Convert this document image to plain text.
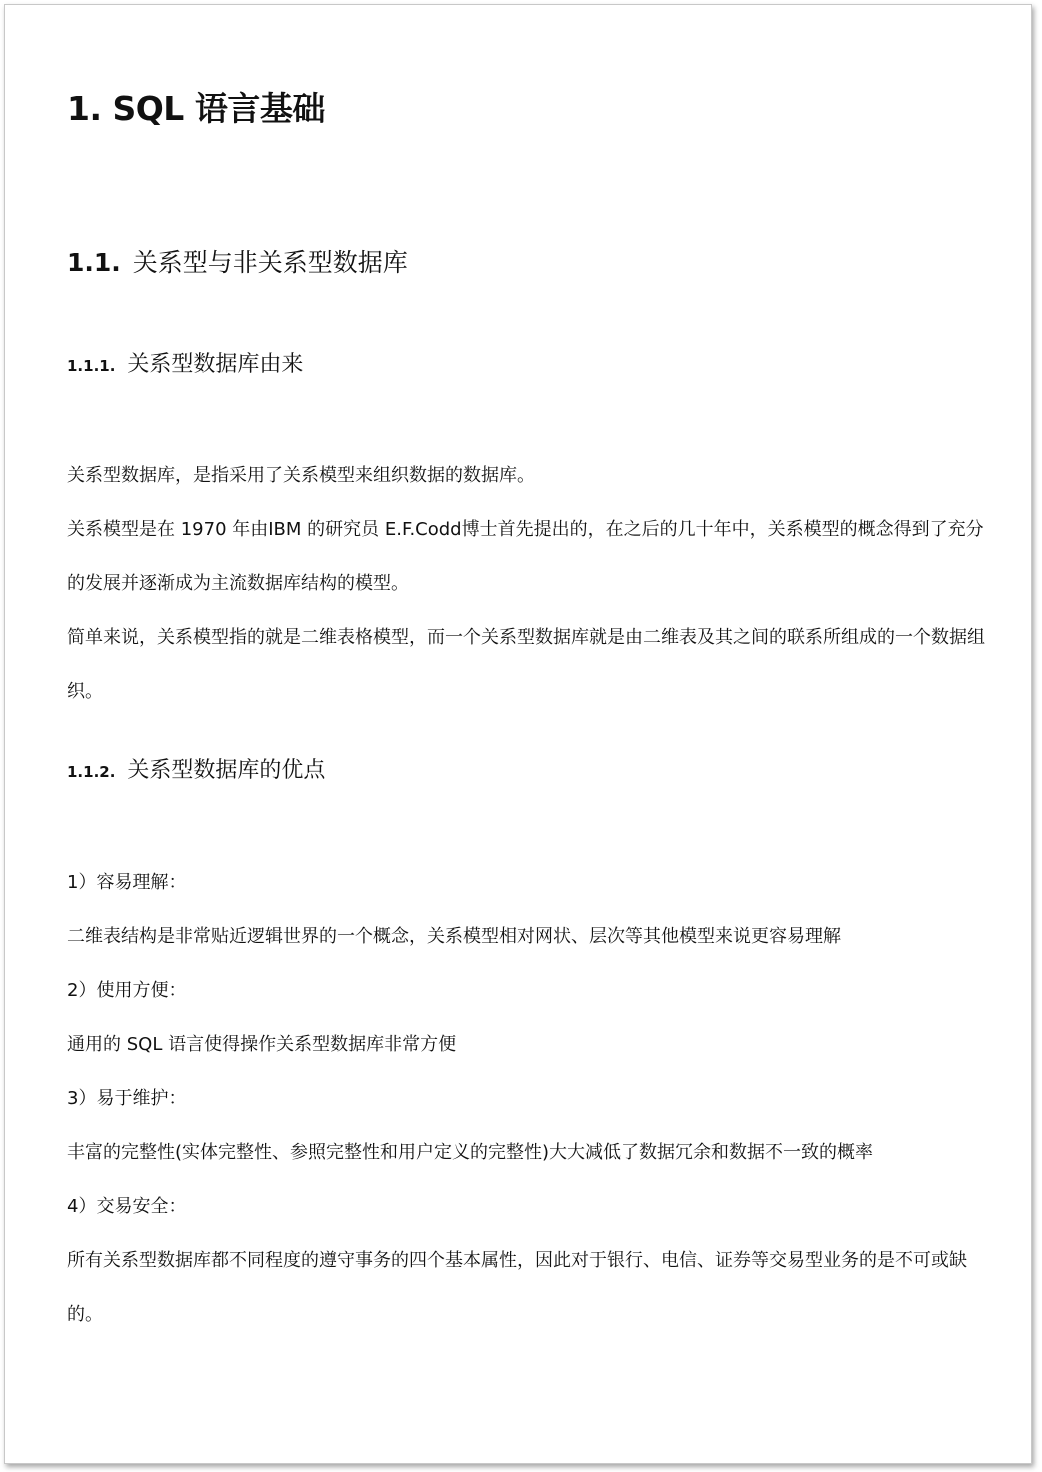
1. SQL 语言基础
1.1. 关系型与非关系型数据库
1.1.1. 关系型数据库由来

关系型数据库，是指采用了关系模型来组织数据的数据库。

关系模型是在 1970 年由IBM 的研究员 E.F.Codd博士首先提出的，在之后的几十年中，关系模型的概念得到了充分的发展并逐渐成为主流数据库结构的模型。

简单来说，关系模型指的就是二维表格模型，而一个关系型数据库就是由二维表及其之间的联系所组成的一个数据组织。

1.1.2. 关系型数据库的优点

1）容易理解：

二维表结构是非常贴近逻辑世界的一个概念，关系模型相对网状、层次等其他模型来说更容易理解

2）使用方便：

通用的 SQL 语言使得操作关系型数据库非常方便

3）易于维护：

丰富的完整性(实体完整性、参照完整性和用户定义的完整性)大大减低了数据冗余和数据不一致的概率

4）交易安全：

所有关系型数据库都不同程度的遵守事务的四个基本属性，因此对于银行、电信、证券等交易型业务的是不可或缺的。
